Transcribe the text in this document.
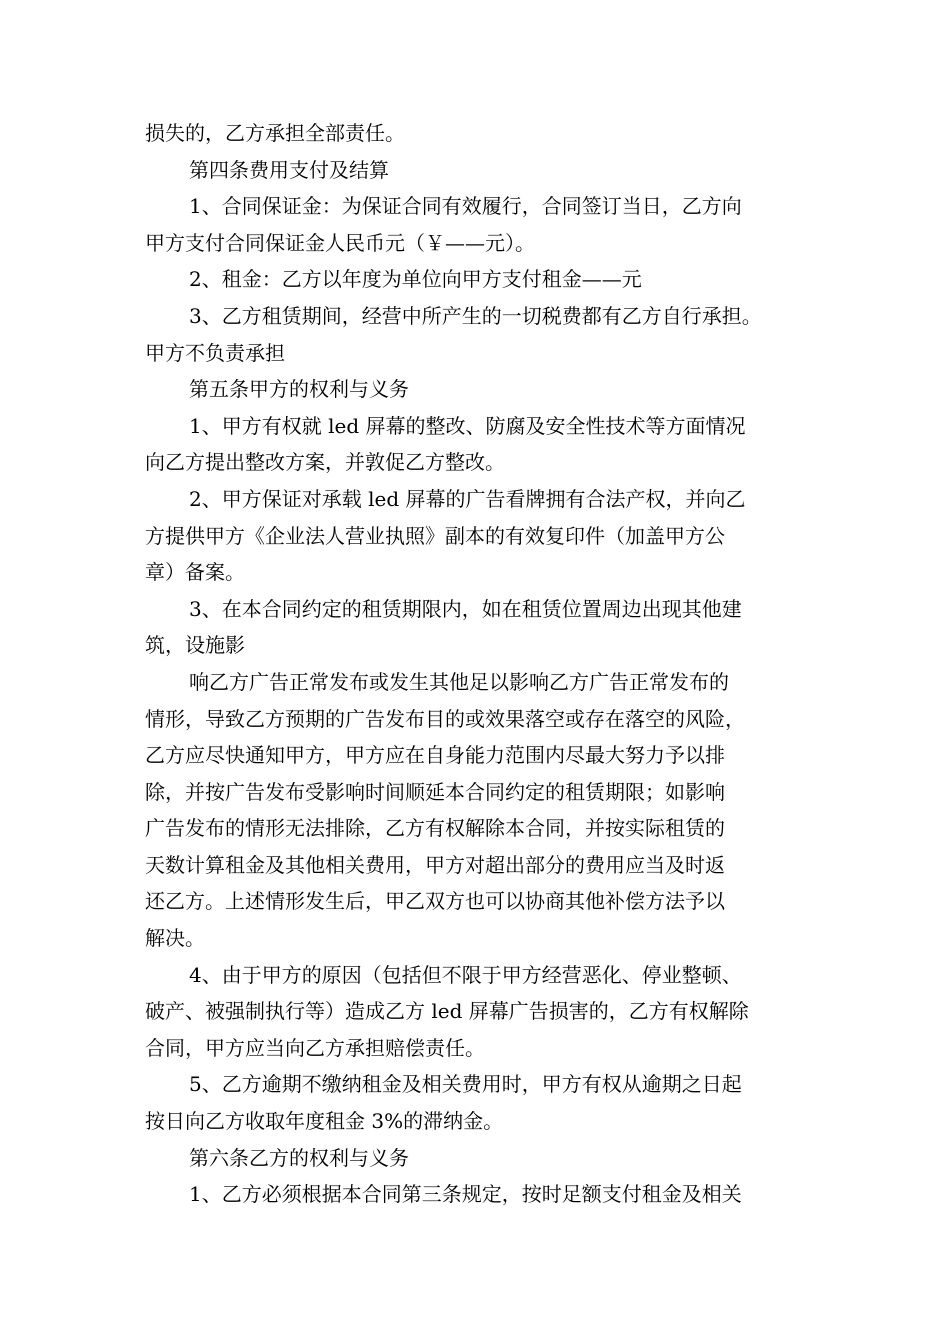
损失的，乙方承担全部责任。
第四条费用支付及结算
1、合同保证金：为保证合同有效履行，合同签订当日，乙方向
甲方支付合同保证金人民币元（￥——元）。
2、租金：乙方以年度为单位向甲方支付租金——元
3、乙方租赁期间，经营中所产生的一切税费都有乙方自行承担。
甲方不负责承担
第五条甲方的权利与义务
1、甲方有权就 led 屏幕的整改、防腐及安全性技术等方面情况
向乙方提出整改方案，并敦促乙方整改。
2、甲方保证对承载 led 屏幕的广告看牌拥有合法产权，并向乙
方提供甲方《企业法人营业执照》副本的有效复印件（加盖甲方公
章）备案。
3、在本合同约定的租赁期限内，如在租赁位置周边出现其他建
筑，设施影
响乙方广告正常发布或发生其他足以影响乙方广告正常发布的
情形，导致乙方预期的广告发布目的或效果落空或存在落空的风险，
乙方应尽快通知甲方，甲方应在自身能力范围内尽最大努力予以排
除，并按广告发布受影响时间顺延本合同约定的租赁期限；如影响
广告发布的情形无法排除，乙方有权解除本合同，并按实际租赁的
天数计算租金及其他相关费用，甲方对超出部分的费用应当及时返
还乙方。上述情形发生后，甲乙双方也可以协商其他补偿方法予以
解决。
4、由于甲方的原因（包括但不限于甲方经营恶化、停业整顿、
破产、被强制执行等）造成乙方 led 屏幕广告损害的，乙方有权解除
合同，甲方应当向乙方承担赔偿责任。
5、乙方逾期不缴纳租金及相关费用时，甲方有权从逾期之日起
按日向乙方收取年度租金 3%的滞纳金。
第六条乙方的权利与义务
1、乙方必须根据本合同第三条规定，按时足额支付租金及相关
